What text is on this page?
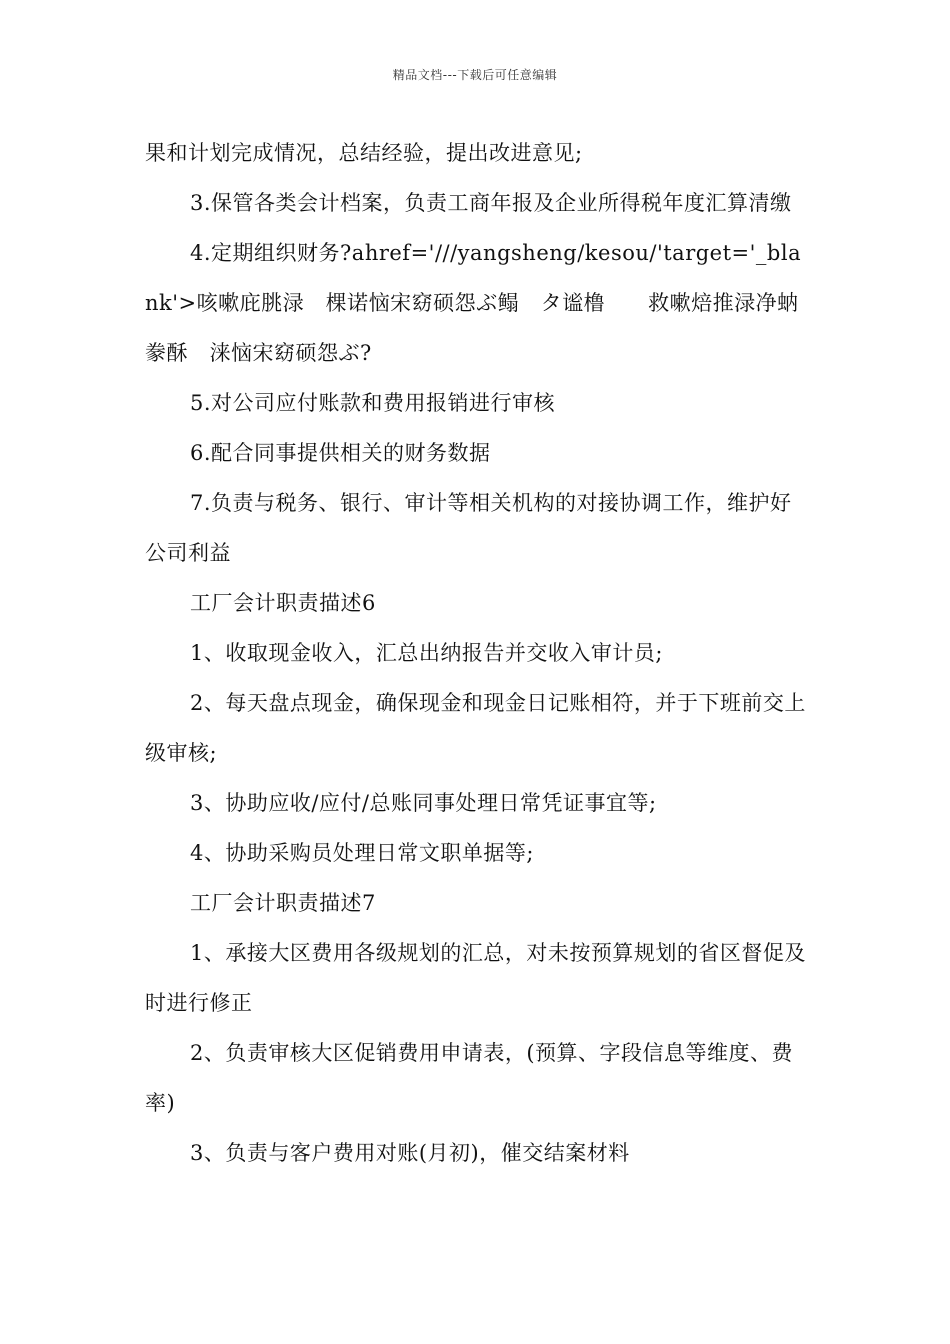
精品文档---下载后可任意编辑

果和计划完成情况，总结经验，提出改进意见;

3.保管各类会计档案，负责工商年报及企业所得税年度汇算清缴

4.定期组织财务?ahref='///yangsheng/kesou/'target='_blank'>咳嗽庇朓渌　棵诺恼宋窈硕怨ぶ鳎　タ谧橹　　救嗽焙推渌净蚋豢酥　涞恼宋窈硕怨ぶ?

5.对公司应付账款和费用报销进行审核

6.配合同事提供相关的财务数据

7.负责与税务、银行、审计等相关机构的对接协调工作，维护好公司利益

工厂会计职责描述6

1、收取现金收入，汇总出纳报告并交收入审计员;

2、每天盘点现金，确保现金和现金日记账相符，并于下班前交上级审核;

3、协助应收/应付/总账同事处理日常凭证事宜等;

4、协助采购员处理日常文职单据等;

工厂会计职责描述7

1、承接大区费用各级规划的汇总，对未按预算规划的省区督促及时进行修正

2、负责审核大区促销费用申请表，(预算、字段信息等维度、费率)

3、负责与客户费用对账(月初)，催交结案材料
